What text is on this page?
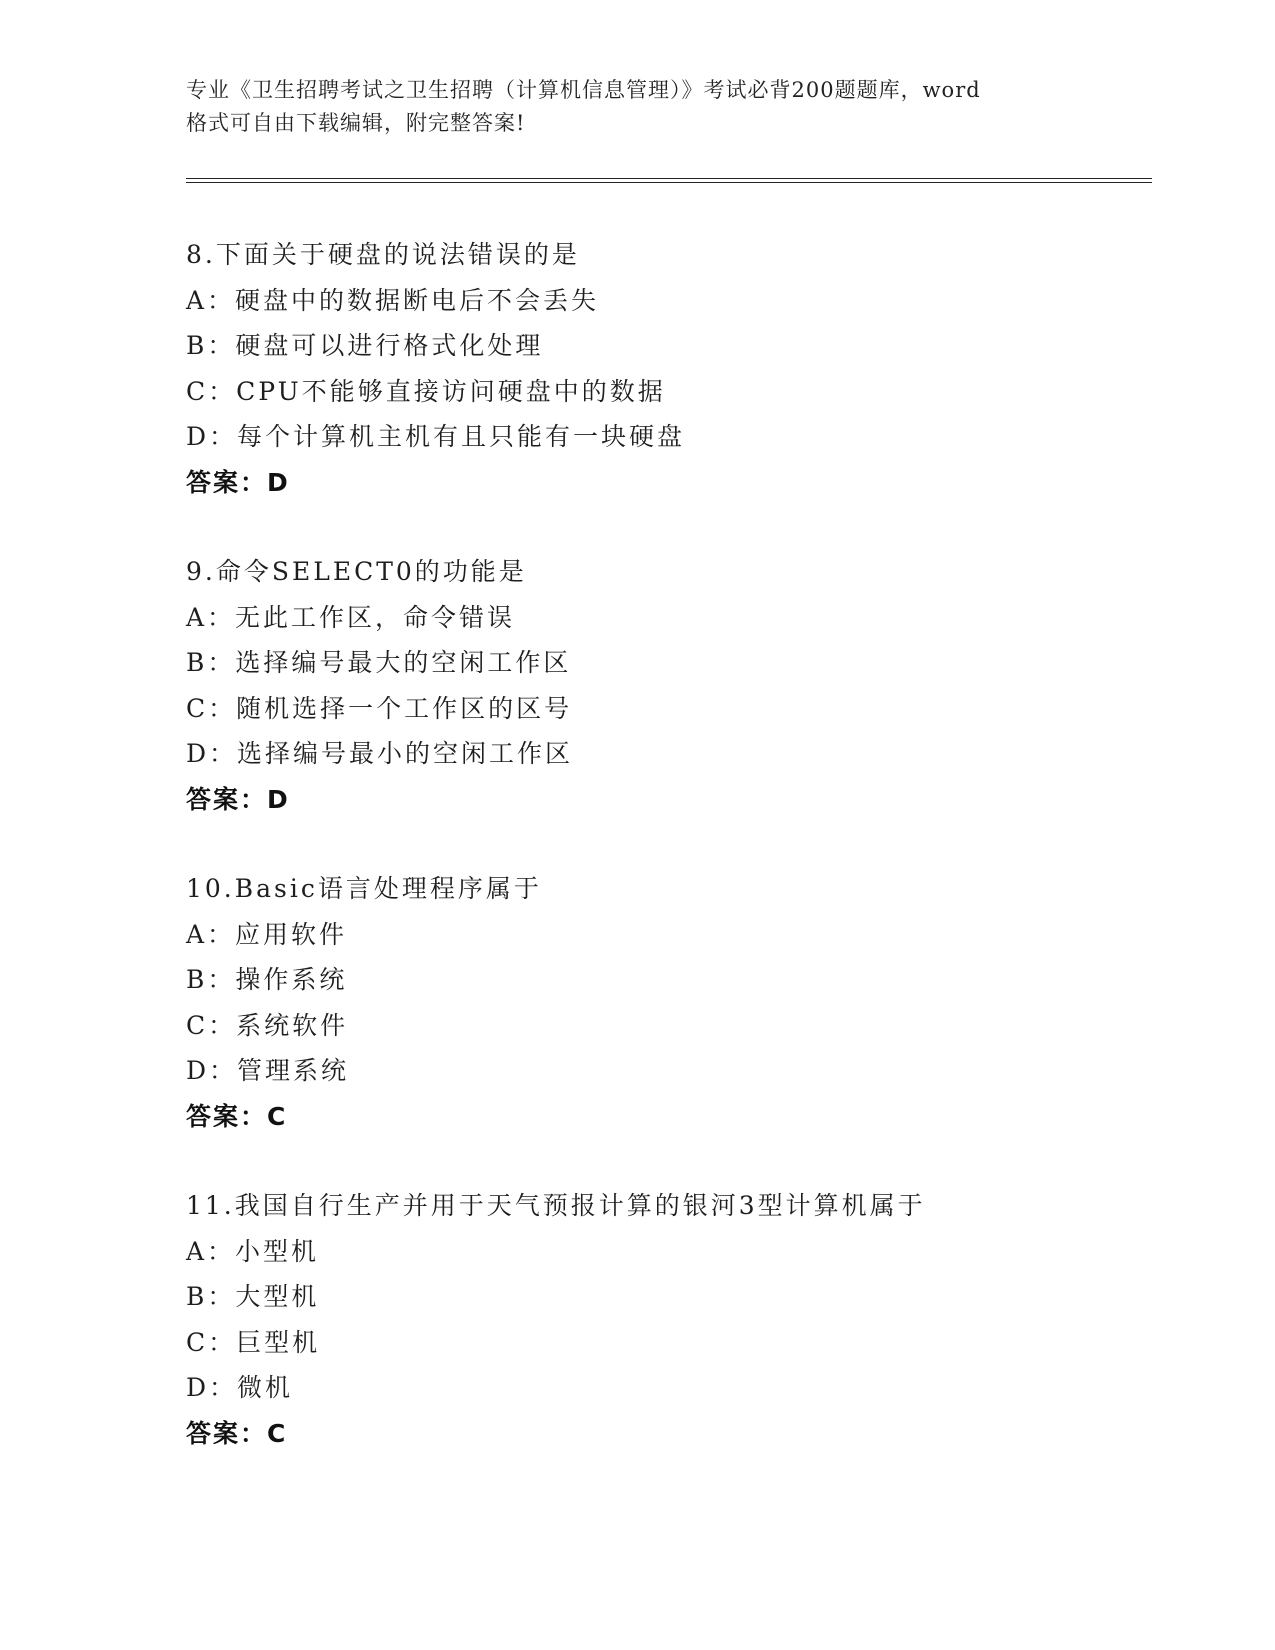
专业《卫生招聘考试之卫生招聘（计算机信息管理）》考试必背200题题库，word
格式可自由下载编辑，附完整答案!
8.下面关于硬盘的说法错误的是
A：硬盘中的数据断电后不会丢失
B：硬盘可以进行格式化处理
C：CPU不能够直接访问硬盘中的数据
D：每个计算机主机有且只能有一块硬盘
答案：D
9.命令SELECT0的功能是
A：无此工作区，命令错误
B：选择编号最大的空闲工作区
C：随机选择一个工作区的区号
D：选择编号最小的空闲工作区
答案：D
10.Basic语言处理程序属于
A：应用软件
B：操作系统
C：系统软件
D：管理系统
答案：C
11.我国自行生产并用于天气预报计算的银河3型计算机属于
A：小型机
B：大型机
C：巨型机
D：微机
答案：C
